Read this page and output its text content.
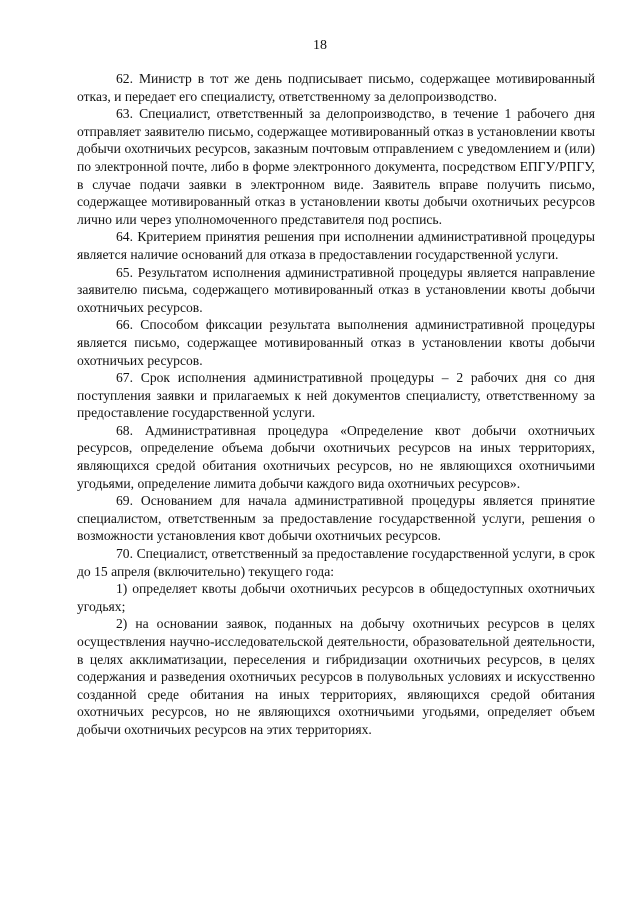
18

62. Министр в тот же день подписывает письмо, содержащее мотивированный отказ, и передает его специалисту, ответственному за делопроизводство.

63. Специалист, ответственный за делопроизводство, в течение 1 рабочего дня отправляет заявителю письмо, содержащее мотивированный отказ в установлении квоты добычи охотничьих ресурсов, заказным почтовым отправлением с уведомлением и (или) по электронной почте, либо в форме электронного документа, посредством ЕПГУ/РПГУ, в случае подачи заявки в электронном виде. Заявитель вправе получить письмо, содержащее мотивированный отказ в установлении квоты добычи охотничьих ресурсов лично или через уполномоченного представителя под роспись.

64. Критерием принятия решения при исполнении административной процедуры является наличие оснований для отказа в предоставлении государственной услуги.

65. Результатом исполнения административной процедуры является направление заявителю письма, содержащего мотивированный отказ в установлении квоты добычи охотничьих ресурсов.

66. Способом фиксации результата выполнения административной процедуры является письмо, содержащее мотивированный отказ в установлении квоты добычи охотничьих ресурсов.

67. Срок исполнения административной процедуры – 2 рабочих дня со дня поступления заявки и прилагаемых к ней документов специалисту, ответственному за предоставление государственной услуги.

68. Административная процедура «Определение квот добычи охотничьих ресурсов, определение объема добычи охотничьих ресурсов на иных территориях, являющихся средой обитания охотничьих ресурсов, но не являющихся охотничьими угодьями, определение лимита добычи каждого вида охотничьих ресурсов».

69. Основанием для начала административной процедуры является принятие специалистом, ответственным за предоставление государственной услуги, решения о возможности установления квот добычи охотничьих ресурсов.

70. Специалист, ответственный за предоставление государственной услуги, в срок до 15 апреля (включительно) текущего года:

1) определяет квоты добычи охотничьих ресурсов в общедоступных охотничьих угодьях;

2) на основании заявок, поданных на добычу охотничьих ресурсов в целях осуществления научно-исследовательской деятельности, образовательной деятельности, в целях акклиматизации, переселения и гибридизации охотничьих ресурсов, в целях содержания и разведения охотничьих ресурсов в полувольных условиях и искусственно созданной среде обитания на иных территориях, являющихся средой обитания охотничьих ресурсов, но не являющихся охотничьими угодьями, определяет объем добычи охотничьих ресурсов на этих территориях.
